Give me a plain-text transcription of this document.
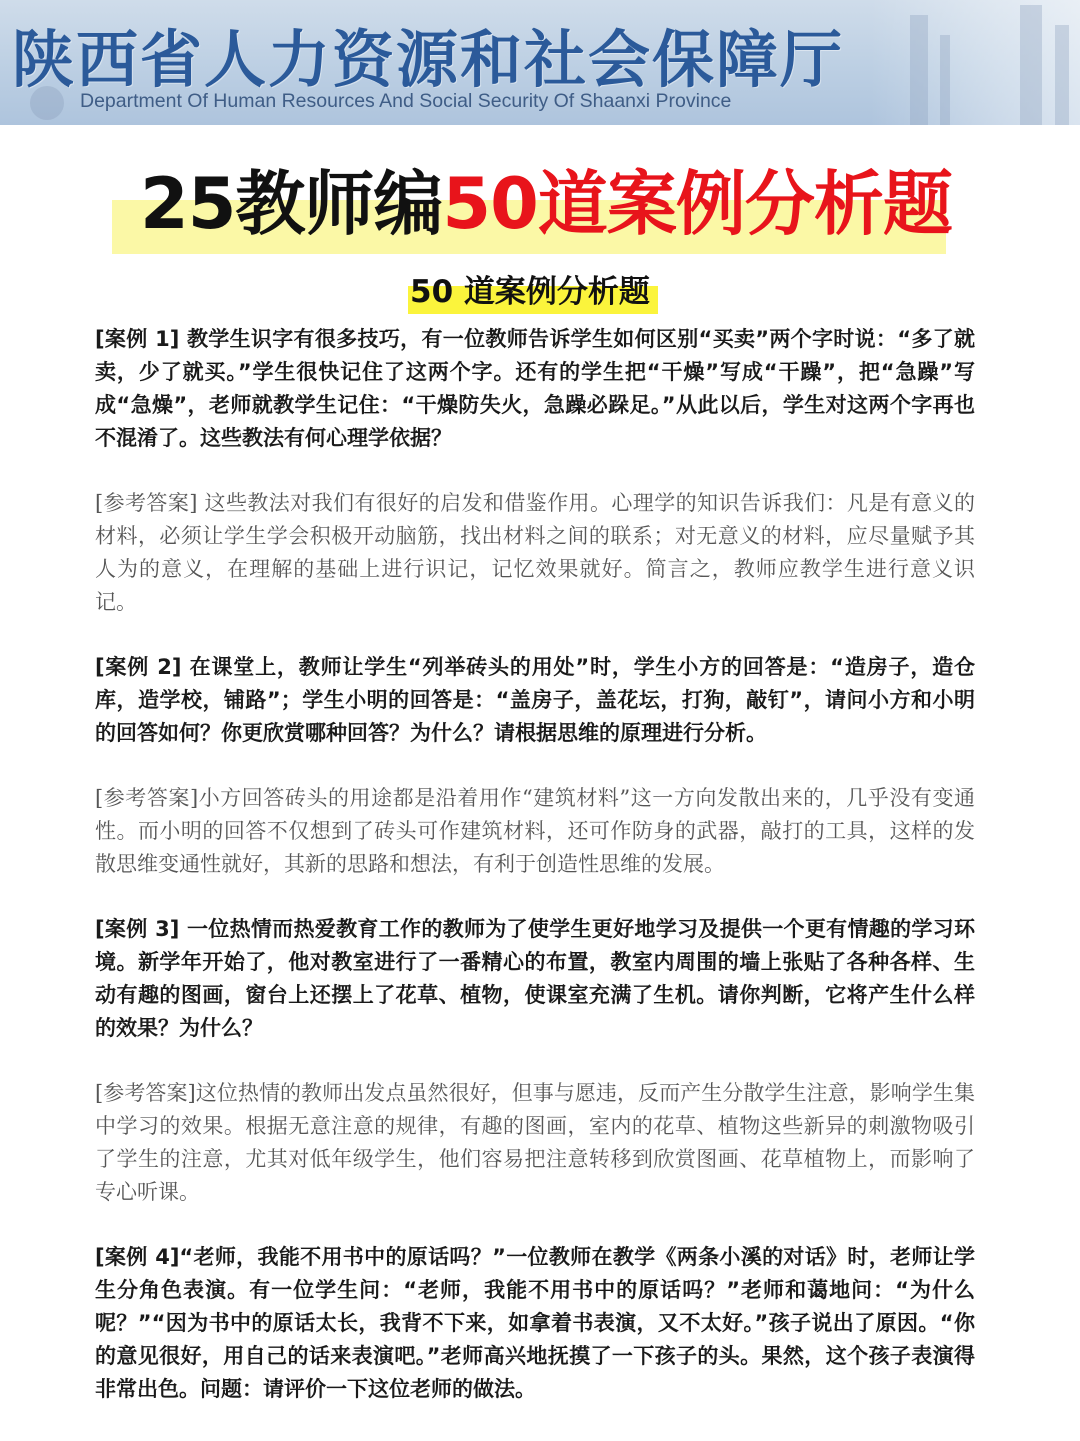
陕西省人力资源和社会保障厅
Department Of Human Resources And Social Security Of Shaanxi Province
25教师编50道案例分析题
50 道案例分析题

[案例 1] 教学生识字有很多技巧，有一位教师告诉学生如何区别“买卖”两个字时说：“多了就卖，少了就买。”学生很快记住了这两个字。还有的学生把“干燥”写成“干躁”，把“急躁”写成“急燥”，老师就教学生记住：“干燥防失火，急躁必跺足。”从此以后，学生对这两个字再也不混淆了。这些教法有何心理学依据？

[参考答案] 这些教法对我们有很好的启发和借鉴作用。心理学的知识告诉我们：凡是有意义的材料，必须让学生学会积极开动脑筋，找出材料之间的联系；对无意义的材料，应尽量赋予其人为的意义，在理解的基础上进行识记，记忆效果就好。简言之，教师应教学生进行意义识记。

[案例 2] 在课堂上，教师让学生“列举砖头的用处”时，学生小方的回答是：“造房子，造仓库，造学校，铺路”；学生小明的回答是：“盖房子，盖花坛，打狗，敲钉”，请问小方和小明的回答如何？你更欣赏哪种回答？为什么？请根据思维的原理进行分析。

[参考答案]小方回答砖头的用途都是沿着用作“建筑材料”这一方向发散出来的，几乎没有变通性。而小明的回答不仅想到了砖头可作建筑材料，还可作防身的武器，敲打的工具，这样的发散思维变通性就好，其新的思路和想法，有利于创造性思维的发展。

[案例 3] 一位热情而热爱教育工作的教师为了使学生更好地学习及提供一个更有情趣的学习环境。新学年开始了，他对教室进行了一番精心的布置，教室内周围的墙上张贴了各种各样、生动有趣的图画，窗台上还摆上了花草、植物，使课室充满了生机。请你判断，它将产生什么样的效果？为什么？

[参考答案]这位热情的教师出发点虽然很好，但事与愿违，反而产生分散学生注意，影响学生集中学习的效果。根据无意注意的规律，有趣的图画，室内的花草、植物这些新异的刺激物吸引了学生的注意，尤其对低年级学生，他们容易把注意转移到欣赏图画、花草植物上，而影响了专心听课。

[案例 4]“老师，我能不用书中的原话吗？”一位教师在教学《两条小溪的对话》时，老师让学生分角色表演。有一位学生问：“老师，我能不用书中的原话吗？”老师和蔼地问：“为什么呢？”“因为书中的原话太长，我背不下来，如拿着书表演，又不太好。”孩子说出了原因。“你的意见很好，用自己的话来表演吧。”老师高兴地抚摸了一下孩子的头。果然，这个孩子表演得非常出色。问题：请评价一下这位老师的做法。
